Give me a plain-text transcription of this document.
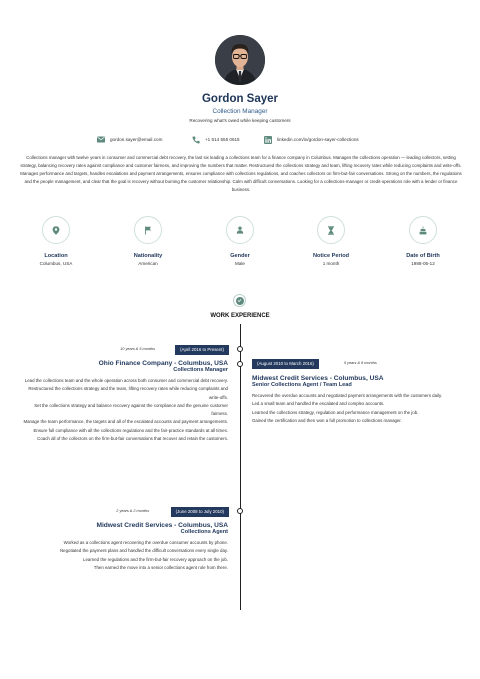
Gordon Sayer
Collection Manager
Recovering what's owed while keeping customers
gordon.sayer@email.com	+1 614 555 0615	linkedin.com/in/gordon-sayer-collections
Collections manager with twelve years in consumer and commercial debt recovery, the last six leading a collections team for a finance company in Columbus. Manages the collections operation — leading collectors, setting strategy, balancing recovery rates against compliance and customer fairness, and improving the numbers that matter. Restructured the collections strategy and team, lifting recovery rates while reducing complaints and write-offs. Manages performance and targets, handles escalations and payment arrangements, ensures compliance with collections regulations, and coaches collectors on firm-but-fair conversations. Strong on the numbers, the regulations and the people management, and clear that the goal is recovery without burning the customer relationship. Calm with difficult conversations. Looking for a collections-manager or credit-operations role with a lender or finance business.
Location
Columbus, USA
Nationality
American
Gender
Male
Notice Period
1 month
Date of Birth
1988-05-12
WORK EXPERIENCE
10 years & 5 months	(April 2016 to Present)
Ohio Finance Company - Columbus, USA
Collections Manager
Lead the collections team and the whole operation across both consumer and commercial debt recovery.
Restructured the collections strategy and the team, lifting recovery rates while reducing complaints and write-offs.
Set the collections strategy and balance recovery against the compliance and the genuine customer fairness.
Manage the team performance, the targets and all of the escalated accounts and payment arrangements.
Ensure full compliance with all the collections regulations and the fair-practice standards at all times.
Coach all of the collectors on the firm-but-fair conversations that recover and retain the customers.
(August 2010 to March 2016)	5 years & 8 months
Midwest Credit Services - Columbus, USA
Senior Collections Agent / Team Lead
Recovered the overdue accounts and negotiated payment arrangements with the customers daily.
Led a small team and handled the escalated and complex accounts.
Learned the collections strategy, regulation and performance management on the job.
Gained the certification and then won a full promotion to collections manager.
2 years & 2 months	(June 2008 to July 2010)
Midwest Credit Services - Columbus, USA
Collections Agent
Worked as a collections agent recovering the overdue consumer accounts by phone.
Negotiated the payment plans and handled the difficult conversations every single day.
Learned the regulations and the firm-but-fair recovery approach on the job.
Then earned the move into a senior collections agent role from there.
